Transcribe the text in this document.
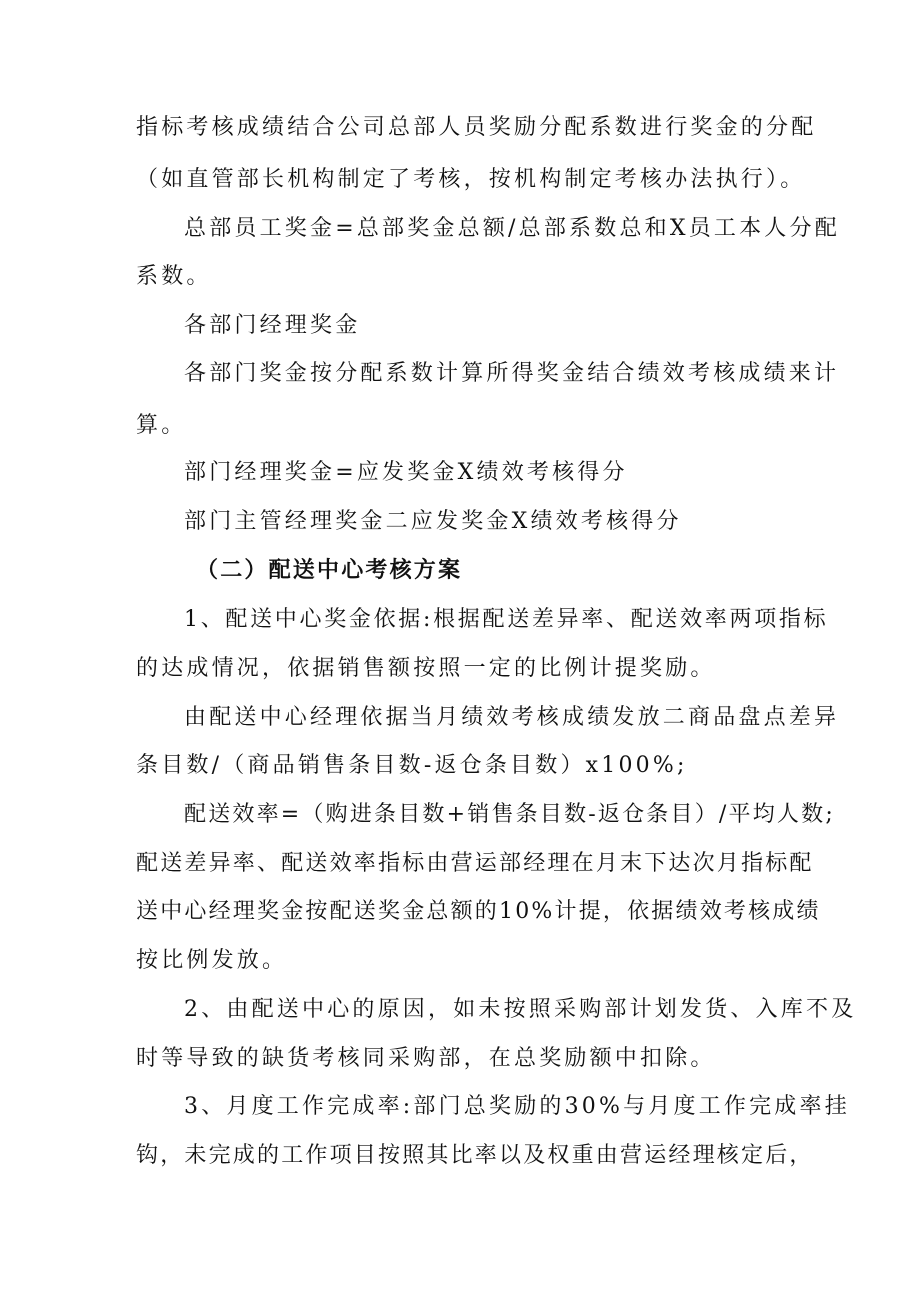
指标考核成绩结合公司总部人员奖励分配系数进行奖金的分配
（如直管部长机构制定了考核，按机构制定考核办法执行）。
总部员工奖金=总部奖金总额/总部系数总和X员工本人分配
系数。
各部门经理奖金
各部门奖金按分配系数计算所得奖金结合绩效考核成绩来计
算。
部门经理奖金=应发奖金X绩效考核得分
部门主管经理奖金二应发奖金X绩效考核得分
（二）配送中心考核方案
1、配送中心奖金依据:根据配送差异率、配送效率两项指标
的达成情况，依据销售额按照一定的比例计提奖励。
由配送中心经理依据当月绩效考核成绩发放二商品盘点差异
条目数/（商品销售条目数-返仓条目数）x100%;
配送效率=（购进条目数+销售条目数-返仓条目）/平均人数;
配送差异率、配送效率指标由营运部经理在月末下达次月指标配
送中心经理奖金按配送奖金总额的10%计提，依据绩效考核成绩
按比例发放。
2、由配送中心的原因，如未按照采购部计划发货、入库不及
时等导致的缺货考核同采购部，在总奖励额中扣除。
3、月度工作完成率:部门总奖励的30%与月度工作完成率挂
钩，未完成的工作项目按照其比率以及权重由营运经理核定后，
